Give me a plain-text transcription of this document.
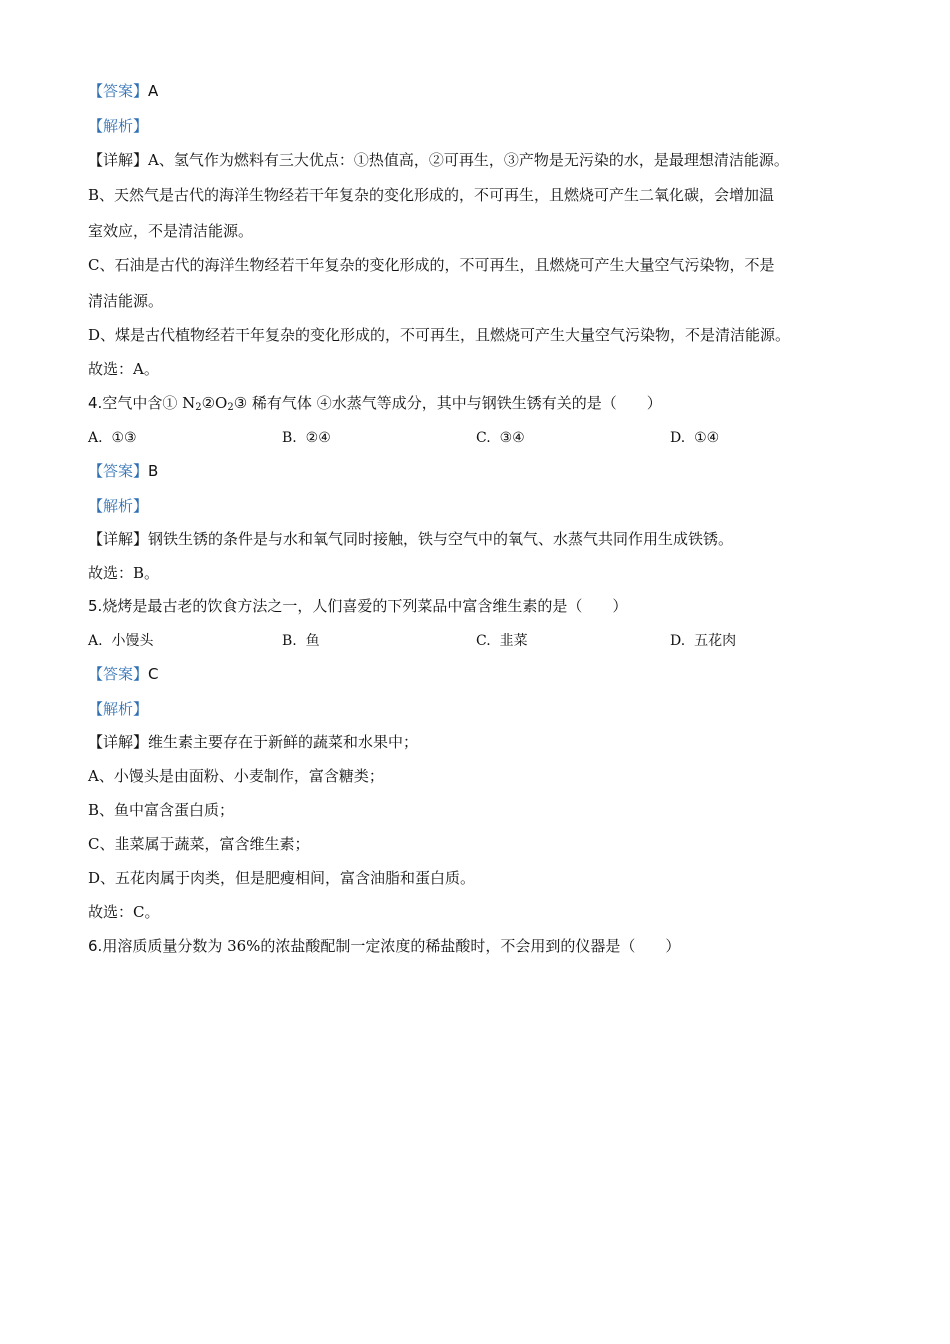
【答案】A
【解析】
【详解】A、氢气作为燃料有三大优点：①热值高，②可再生，③产物是无污染的水，是最理想清洁能源。
B、天然气是古代的海洋生物经若干年复杂的变化形成的，不可再生，且燃烧可产生二氧化碳，会增加温
室效应，不是清洁能源。
C、石油是古代的海洋生物经若干年复杂的变化形成的，不可再生，且燃烧可产生大量空气污染物，不是
清洁能源。
D、煤是古代植物经若干年复杂的变化形成的，不可再生，且燃烧可产生大量空气污染物，不是清洁能源。
故选：A。
4.空气中含① $N_2②O_2③$ 稀有气体 ④水蒸气等成分，其中与钢铁生锈有关的是（　　）
A. ①③	B. ②④	C. ③④	D. ①④
【答案】B
【解析】
【详解】钢铁生锈的条件是与水和氧气同时接触，铁与空气中的氧气、水蒸气共同作用生成铁锈。
故选：B。
5.烧烤是最古老的饮食方法之一，人们喜爱的下列菜品中富含维生素的是（　　）
A. 小馒头	B. 鱼	C. 韭菜	D. 五花肉
【答案】C
【解析】
【详解】维生素主要存在于新鲜的蔬菜和水果中；
A、小馒头是由面粉、小麦制作，富含糖类；
B、鱼中富含蛋白质；
C、韭菜属于蔬菜，富含维生素；
D、五花肉属于肉类，但是肥瘦相间，富含油脂和蛋白质。
故选：C。
6.用溶质质量分数为 36%的浓盐酸配制一定浓度的稀盐酸时，不会用到的仪器是（　　）
